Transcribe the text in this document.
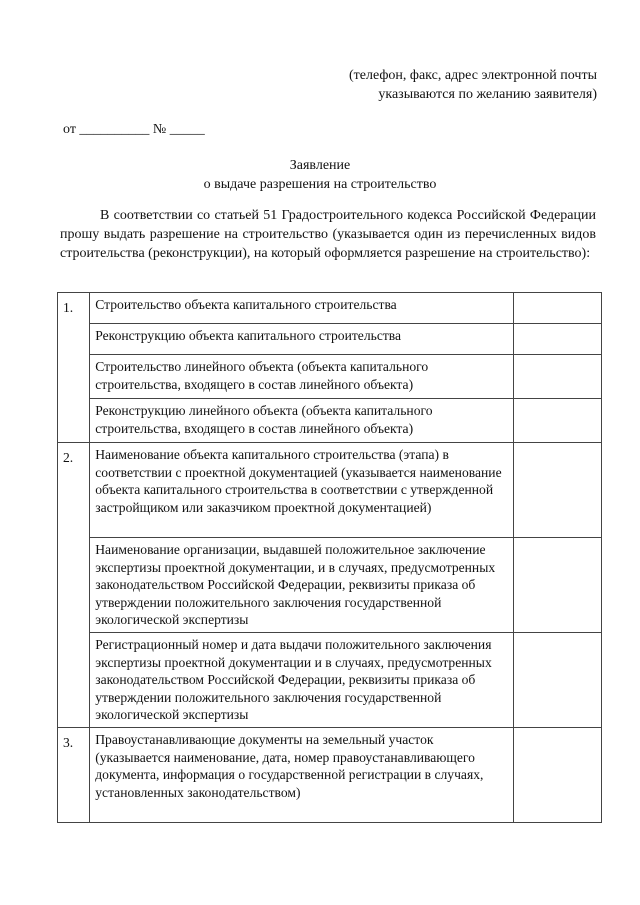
(телефон, факс, адрес электронной почты
указываются по желанию заявителя)
от __________ № _____
Заявление
о выдаче разрешения на строительство
В соответствии со статьей 51 Градостроительного кодекса Российской Федерации прошу выдать разрешение на строительство (указывается один из перечисленных видов строительства (реконструкции), на который оформляется разрешение на строительство):
1.	Строительство объекта капитального строительства	
	Реконструкцию объекта капитального строительства	
	Строительство линейного объекта (объекта капитального строительства, входящего в состав линейного объекта)	
	Реконструкцию линейного объекта (объекта капитального строительства, входящего в состав линейного объекта)	
2.	Наименование объекта капитального строительства (этапа) в соответствии с проектной документацией (указывается наименование объекта капитального строительства в соответствии с утвержденной застройщиком или заказчиком проектной документацией)	
	Наименование организации, выдавшей положительное заключение экспертизы проектной документации, и в случаях, предусмотренных законодательством Российской Федерации, реквизиты приказа об утверждении положительного заключения государственной экологической экспертизы	
	Регистрационный номер и дата выдачи положительного заключения экспертизы проектной документации и в случаях, предусмотренных законодательством Российской Федерации, реквизиты приказа об утверждении положительного заключения государственной экологической экспертизы	
3.	Правоустанавливающие документы на земельный участок (указывается наименование, дата, номер правоустанавливающего документа, информация о государственной регистрации в случаях, установленных законодательством)	
